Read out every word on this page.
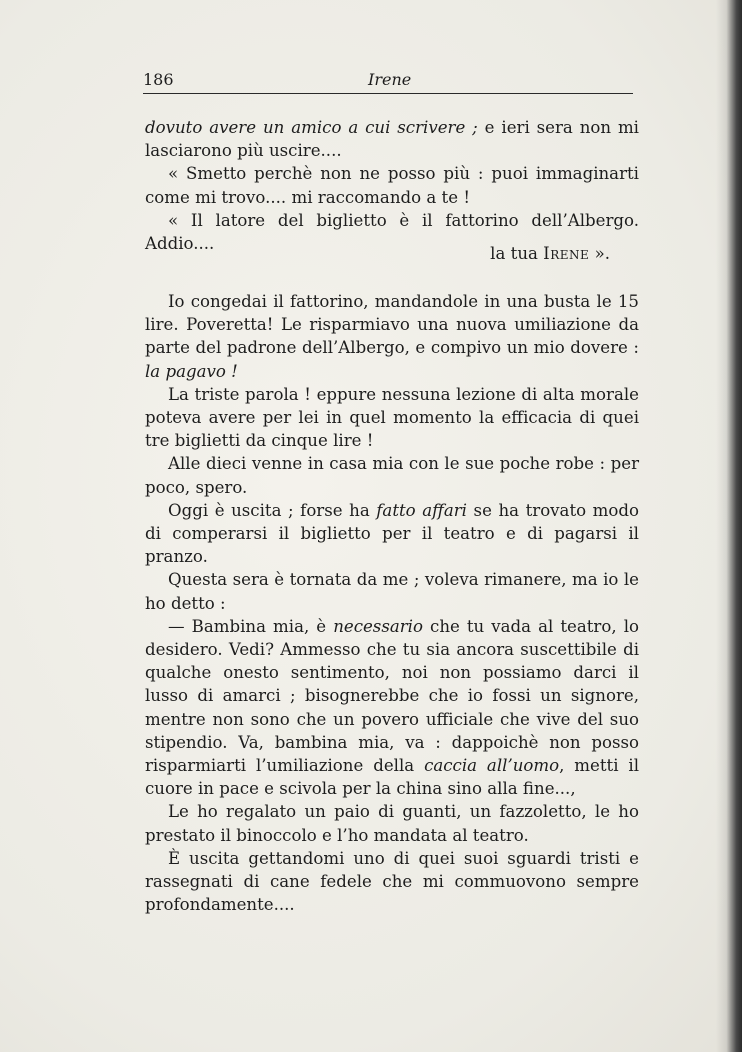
186	Irene

dovuto avere un amico a cui scrivere ; e ieri sera non mi lasciarono più uscire....

« Smetto perchè non ne posso più : puoi immaginarti come mi trovo.... mi raccomando a te !

« Il latore del biglietto è il fattorino dell’Albergo. Addio....

la tua Irene ».

Io congedai il fattorino, mandandole in una busta le 15 lire. Poveretta! Le risparmiavo una nuova umiliazione da parte del padrone dell’Albergo, e compivo un mio dovere : la pagavo !

La triste parola ! eppure nessuna lezione di alta morale poteva avere per lei in quel momento la efficacia di quei tre biglietti da cinque lire !

Alle dieci venne in casa mia con le sue poche robe : per poco, spero.

Oggi è uscita ; forse ha fatto affari se ha trovato modo di comperarsi il biglietto per il teatro e di pagarsi il pranzo.

Questa sera è tornata da me ; voleva rimanere, ma io le ho detto :

— Bambina mia, è necessario che tu vada al teatro, lo desidero. Vedi? Ammesso che tu sia ancora suscettibile di qualche onesto sentimento, noi non possiamo darci il lusso di amarci ; bisognerebbe che io fossi un signore, mentre non sono che un povero ufficiale che vive del suo stipendio. Va, bambina mia, va : dappoichè non posso risparmiarti l’umiliazione della caccia all’uomo, metti il cuore in pace e scivola per la china sino alla fine...,

Le ho regalato un paio di guanti, un fazzoletto, le ho prestato il binoccolo e l’ho mandata al teatro.

È uscita gettandomi uno di quei suoi sguardi tristi e rassegnati di cane fedele che mi commuovono sempre profondamente....
